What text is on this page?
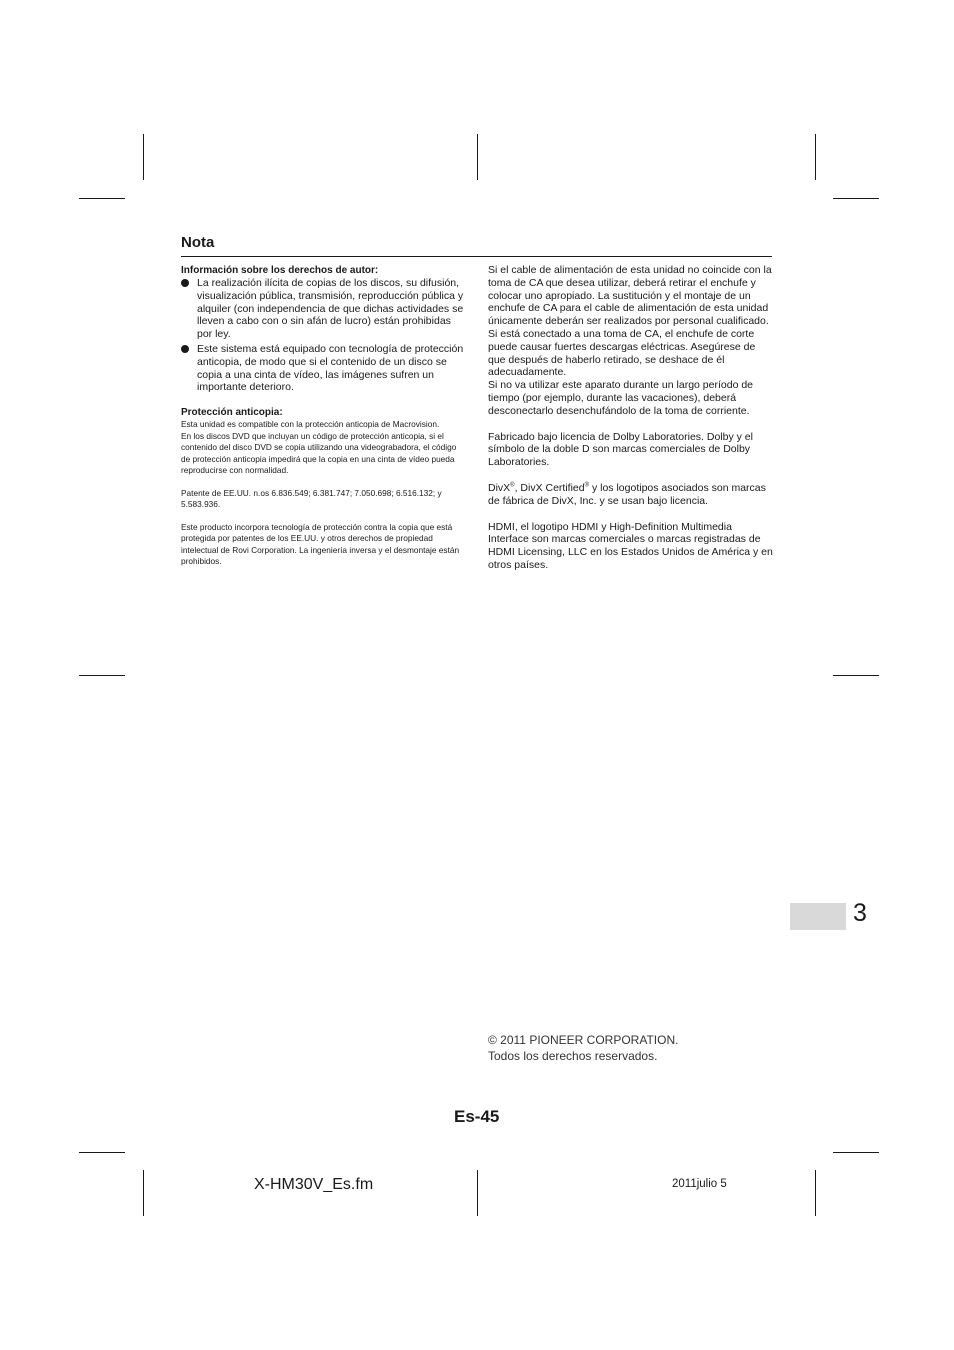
Nota

Información sobre los derechos de autor:

La realización ilícita de copias de los discos, su difusión, visualización pública, transmisión, reproducción pública y alquiler (con independencia de que dichas actividades se lleven a cabo con o sin afán de lucro) están prohibidas por ley.
Este sistema está equipado con tecnología de protección anticopia, de modo que si el contenido de un disco se copia a una cinta de vídeo, las imágenes sufren un importante deterioro.

Protección anticopia:

Esta unidad es compatible con la protección anticopia de Macrovision.

En los discos DVD que incluyan un código de protección anticopia, si el contenido del disco DVD se copia utilizando una videograbadora, el código de protección anticopia impedirá que la copia en una cinta de vídeo pueda reproducirse con normalidad.

Patente de EE.UU. n.os 6.836.549; 6.381.747; 7.050.698; 6.516.132; y 5.583.936.

Este producto incorpora tecnología de protección contra la copia que está protegida por patentes de los EE.UU. y otros derechos de propiedad intelectual de Rovi Corporation. La ingeniería inversa y el desmontaje están prohibidos.

Si el cable de alimentación de esta unidad no coincide con la toma de CA que desea utilizar, deberá retirar el enchufe y colocar uno apropiado. La sustitución y el montaje de un enchufe de CA para el cable de alimentación de esta unidad únicamente deberán ser realizados por personal cualificado. Si está conectado a una toma de CA, el enchufe de corte puede causar fuertes descargas eléctricas. Asegúrese de que después de haberlo retirado, se deshace de él adecuadamente.

Si no va utilizar este aparato durante un largo período de tiempo (por ejemplo, durante las vacaciones), deberá desconectarlo desenchufándolo de la toma de corriente.

Fabricado bajo licencia de Dolby Laboratories. Dolby y el símbolo de la doble D son marcas comerciales de Dolby Laboratories.

DivX®, DivX Certified® y los logotipos asociados son marcas de fábrica de DivX, Inc. y se usan bajo licencia.

HDMI, el logotipo HDMI y High-Definition Multimedia Interface son marcas comerciales o marcas registradas de HDMI Licensing, LLC en los Estados Unidos de América y en otros países.

3

© 2011 PIONEER CORPORATION.
Todos los derechos reservados.

Es-45

X-HM30V_Es.fm	2011julio 5
